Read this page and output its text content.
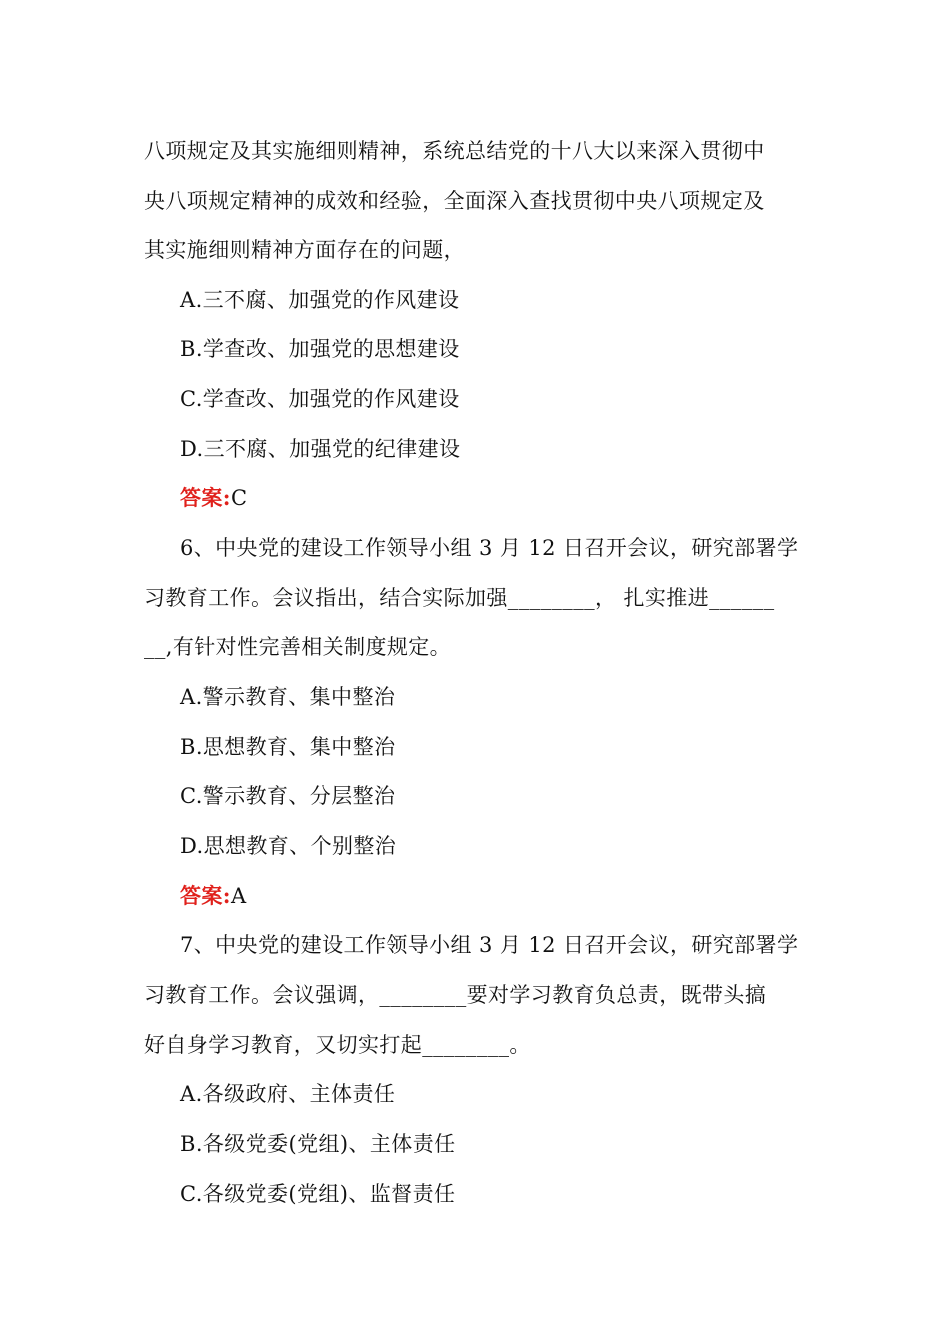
八项规定及其实施细则精神，系统总结党的十八大以来深入贯彻中
央八项规定精神的成效和经验，全面深入查找贯彻中央八项规定及
其实施细则精神方面存在的问题，
A.三不腐、加强党的作风建设
B.学查改、加强党的思想建设
C.学查改、加强党的作风建设
D.三不腐、加强党的纪律建设
答案:C
6、中央党的建设工作领导小组 3 月 12 日召开会议，研究部署学
习教育工作。会议指出，结合实际加强________， 扎实推进______
__,有针对性完善相关制度规定。
A.警示教育、集中整治
B.思想教育、集中整治
C.警示教育、分层整治
D.思想教育、个别整治
答案:A
7、中央党的建设工作领导小组 3 月 12 日召开会议，研究部署学
习教育工作。会议强调，________要对学习教育负总责，既带头搞
好自身学习教育，又切实打起________。
A.各级政府、主体责任
B.各级党委(党组)、主体责任
C.各级党委(党组)、监督责任
